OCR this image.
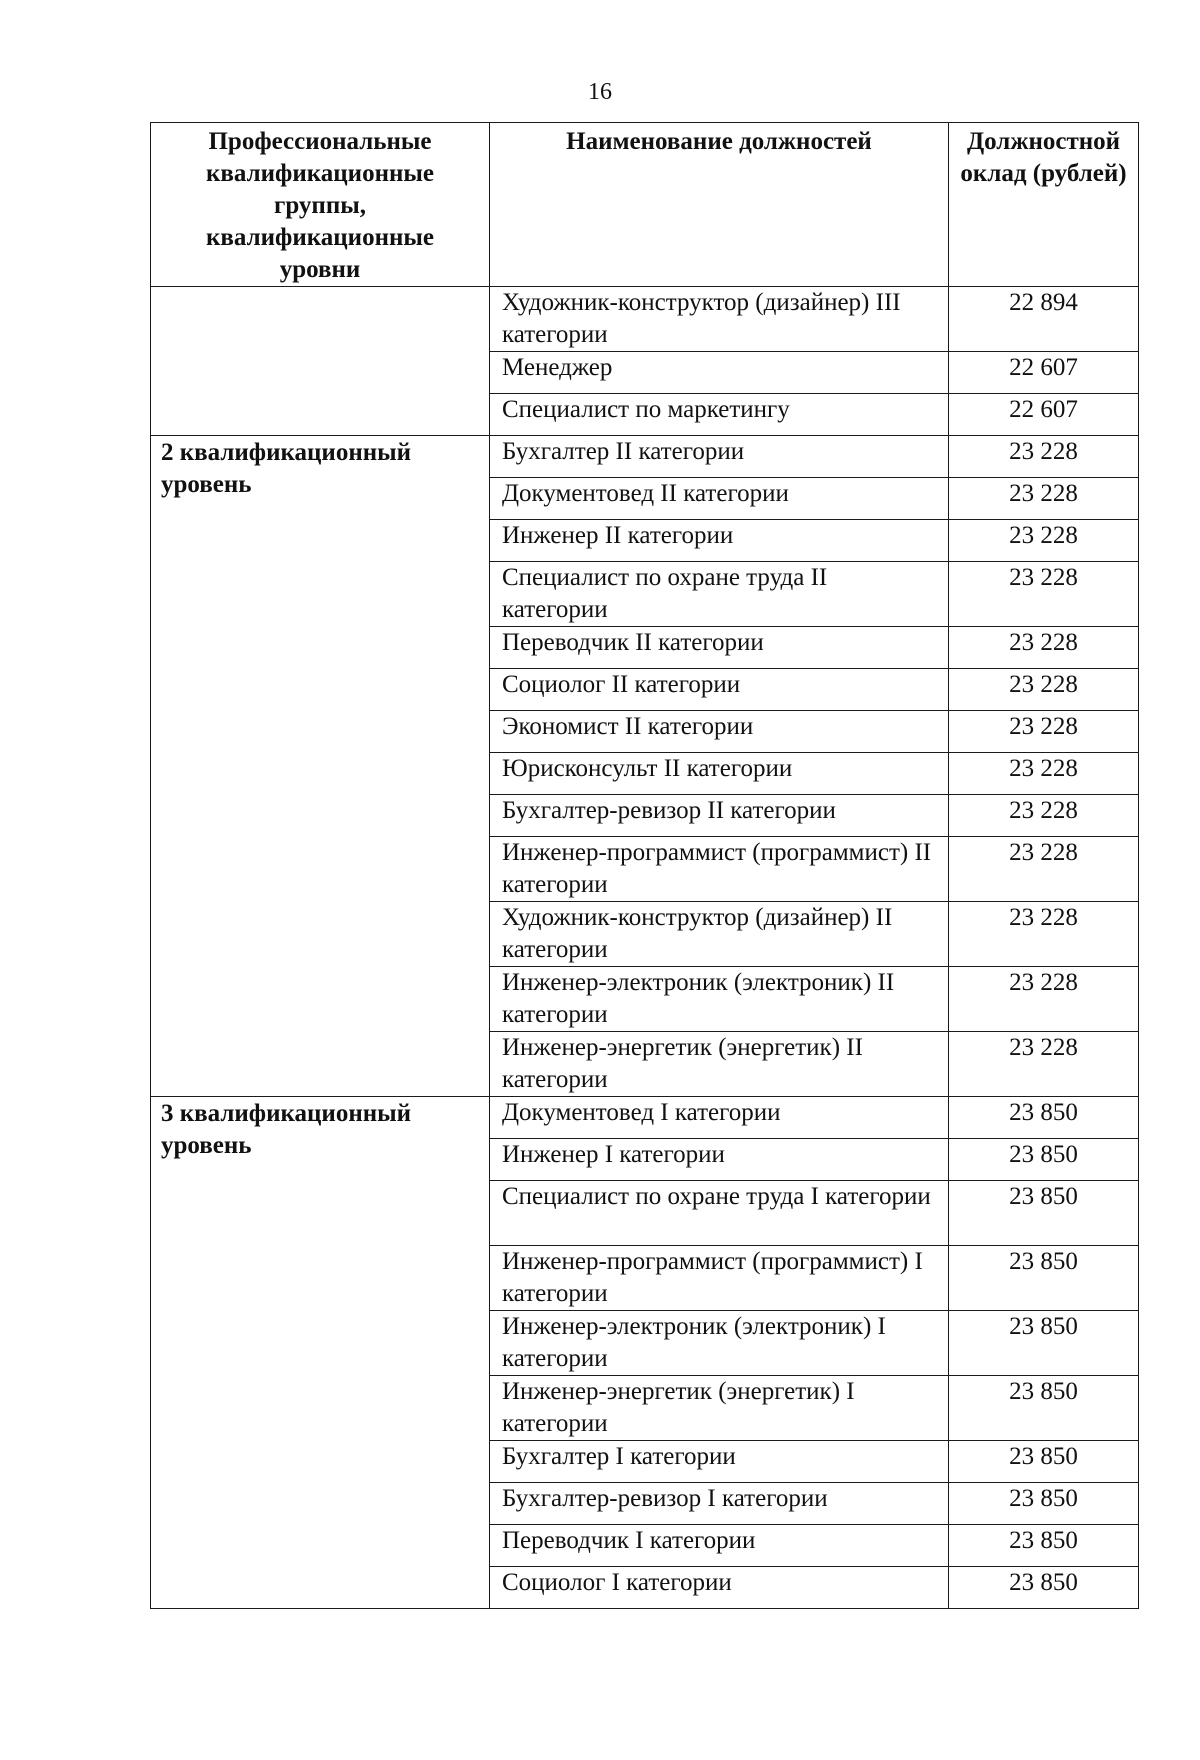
16
Профессиональные квалификационные группы, квалификационные уровни	Наименование должностей	Должностной оклад (рублей)
	Художник-конструктор (дизайнер) III категории	22 894
	Менеджер	22 607
	Специалист по маркетингу	22 607
2 квалификационный уровень	Бухгалтер II категории	23 228
	Документовед II категории	23 228
	Инженер II категории	23 228
	Специалист по охране труда II категории	23 228
	Переводчик II категории	23 228
	Социолог II категории	23 228
	Экономист II категории	23 228
	Юрисконсульт II категории	23 228
	Бухгалтер-ревизор II категории	23 228
	Инженер-программист (программист) II категории	23 228
	Художник-конструктор (дизайнер) II категории	23 228
	Инженер-электроник (электроник) II категории	23 228
	Инженер-энергетик (энергетик) II категории	23 228
3 квалификационный уровень	Документовед I категории	23 850
	Инженер I категории	23 850
	Специалист по охране труда I категории	23 850
	Инженер-программист (программист) I категории	23 850
	Инженер-электроник (электроник) I категории	23 850
	Инженер-энергетик (энергетик) I категории	23 850
	Бухгалтер I категории	23 850
	Бухгалтер-ревизор I категории	23 850
	Переводчик I категории	23 850
	Социолог I категории	23 850
